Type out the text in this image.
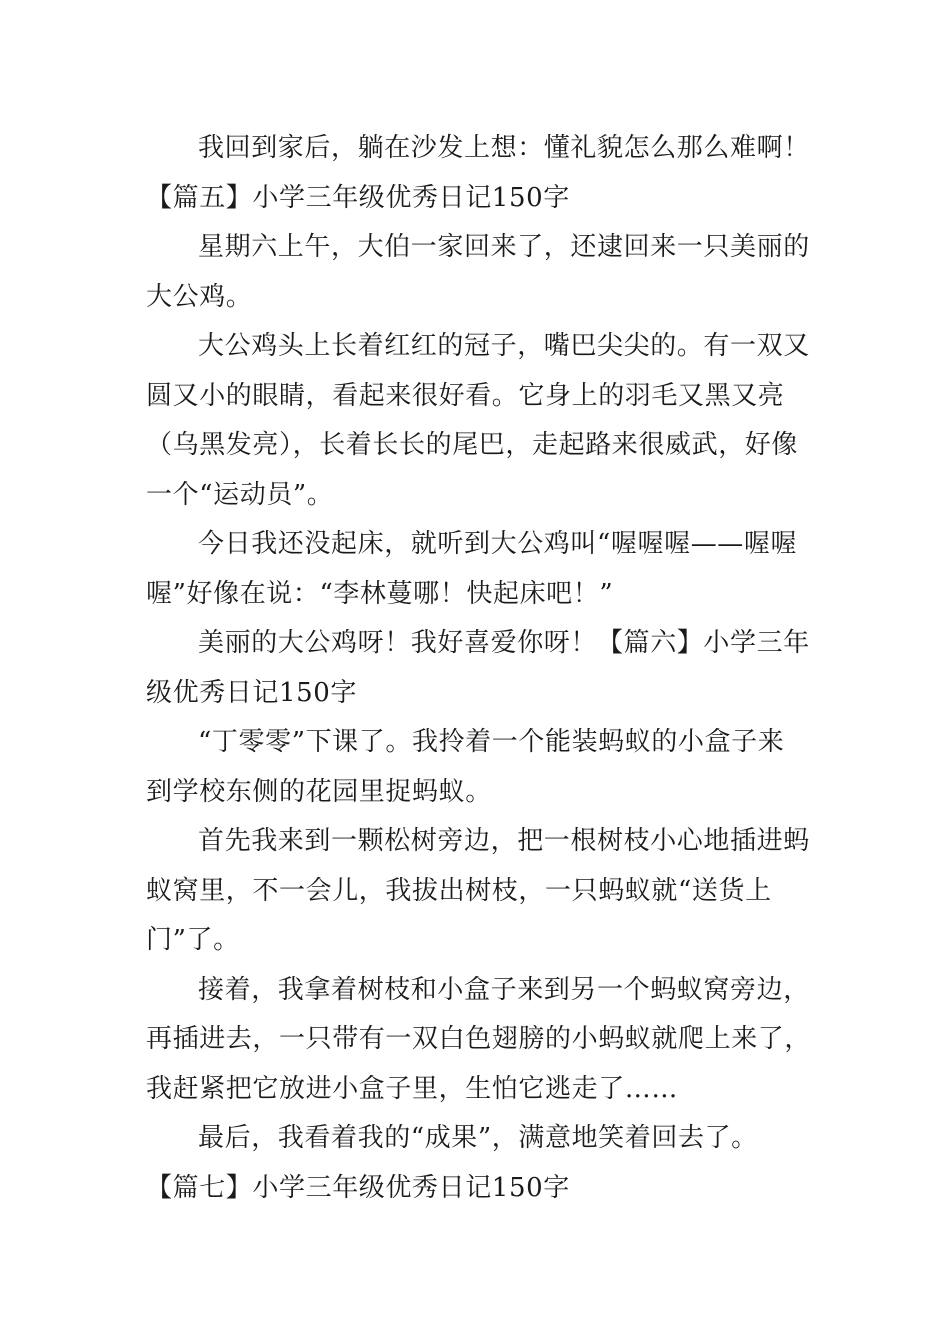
我回到家后，躺在沙发上想：懂礼貌怎么那么难啊！
【篇五】小学三年级优秀日记150字
星期六上午，大伯一家回来了，还逮回来一只美丽的
大公鸡。
大公鸡头上长着红红的冠子，嘴巴尖尖的。有一双又
圆又小的眼睛，看起来很好看。它身上的羽毛又黑又亮
（乌黑发亮），长着长长的尾巴，走起路来很威武，好像
一个“运动员”。
今日我还没起床，就听到大公鸡叫“喔喔喔——喔喔
喔”好像在说：“李林蔓哪！快起床吧！”
美丽的大公鸡呀！我好喜爱你呀！【篇六】小学三年
级优秀日记150字
“丁零零”下课了。我拎着一个能装蚂蚁的小盒子来
到学校东侧的花园里捉蚂蚁。
首先我来到一颗松树旁边，把一根树枝小心地插进蚂
蚁窝里，不一会儿，我拔出树枝，一只蚂蚁就“送货上
门”了。
接着，我拿着树枝和小盒子来到另一个蚂蚁窝旁边，
再插进去，一只带有一双白色翅膀的小蚂蚁就爬上来了，
我赶紧把它放进小盒子里，生怕它逃走了……
最后，我看着我的“成果”，满意地笑着回去了。
【篇七】小学三年级优秀日记150字
